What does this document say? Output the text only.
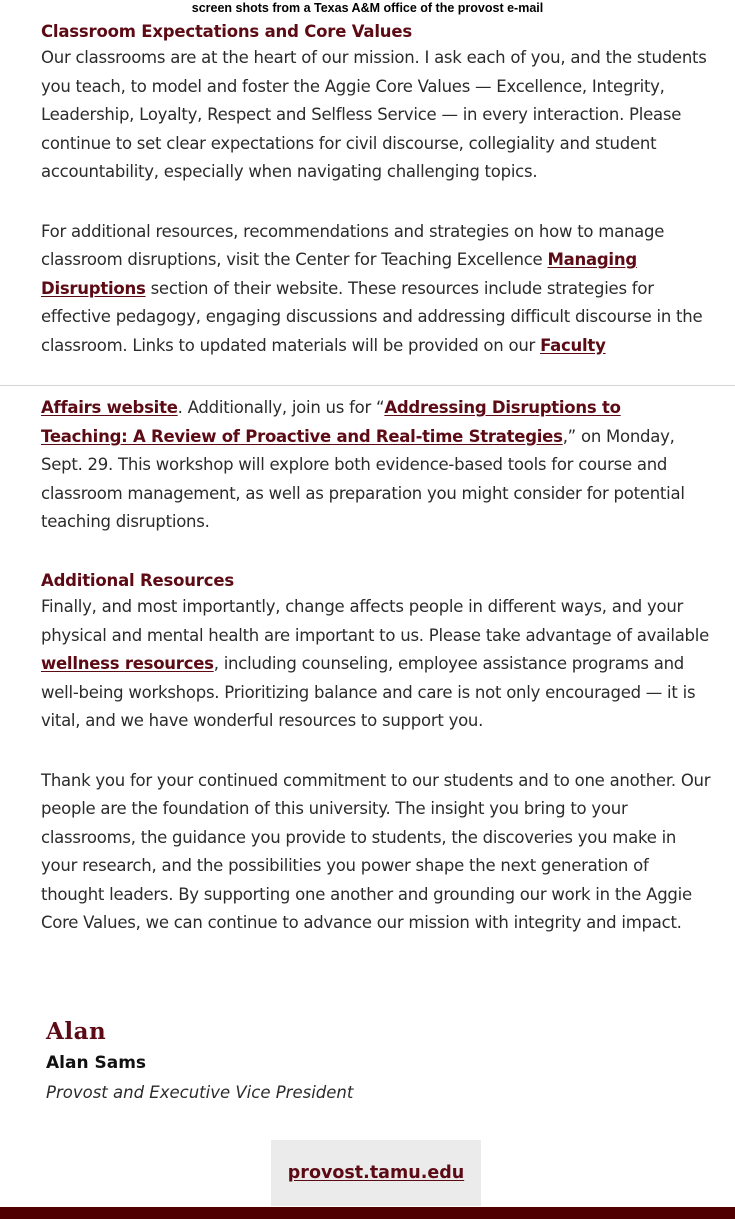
screen shots from a Texas A&M office of the provost e-mail
Classroom Expectations and Core Values

Our classrooms are at the heart of our mission. I ask each of you, and the students you teach, to model and foster the Aggie Core Values — Excellence, Integrity, Leadership, Loyalty, Respect and Selfless Service — in every interaction. Please continue to set clear expectations for civil discourse, collegiality and student accountability, especially when navigating challenging topics.

For additional resources, recommendations and strategies on how to manage classroom disruptions, visit the Center for Teaching Excellence Managing Disruptions section of their website. These resources include strategies for effective pedagogy, engaging discussions and addressing difficult discourse in the classroom. Links to updated materials will be provided on our Faculty

Affairs website. Additionally, join us for “Addressing Disruptions to Teaching: A Review of Proactive and Real-time Strategies,” on Monday, Sept. 29. This workshop will explore both evidence-based tools for course and classroom management, as well as preparation you might consider for potential teaching disruptions.

Additional Resources

Finally, and most importantly, change affects people in different ways, and your physical and mental health are important to us. Please take advantage of available wellness resources, including counseling, employee assistance programs and well-being workshops. Prioritizing balance and care is not only encouraged — it is vital, and we have wonderful resources to support you.

Thank you for your continued commitment to our students and to one another. Our people are the foundation of this university. The insight you bring to your classrooms, the guidance you provide to students, the discoveries you make in your research, and the possibilities you power shape the next generation of thought leaders. By supporting one another and grounding our work in the Aggie Core Values, we can continue to advance our mission with integrity and impact.

Alan
Alan Sams
Provost and Executive Vice President
provost.tamu.edu
